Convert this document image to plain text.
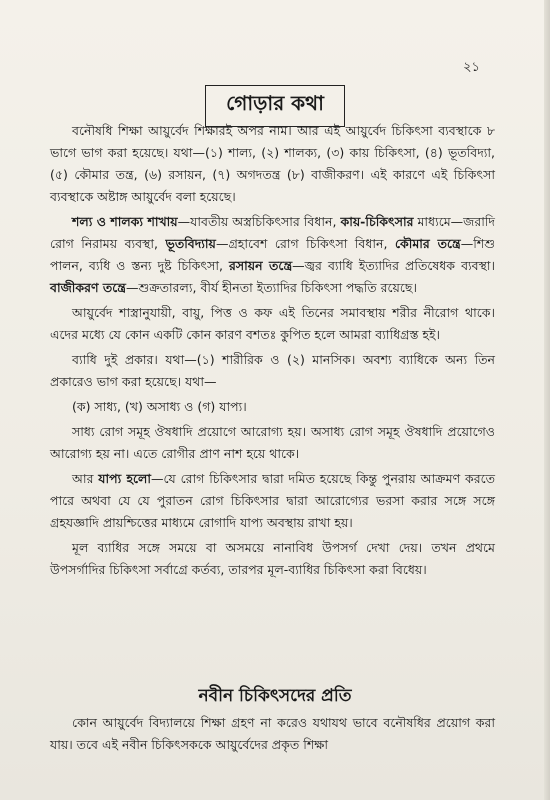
২১
গোড়ার কথা

বনৌষধি শিক্ষা আয়ুর্বেদ শিক্ষারই অপর নাম। আর এই আয়ুর্বেদ চিকিৎসা ব্যবস্থাকে ৮ ভাগে ভাগ করা হয়েছে। যথা—(১) শাল্য, (২) শালক্য, (৩) কায় চিকিৎসা, (৪) ভূতবিদ্যা, (৫) কৌমার তন্ত্র, (৬) রসায়ন, (৭) অগদতন্ত্র (৮) বাজীকরণ। এই কারণে এই চিকিৎসা ব্যবস্থাকে অষ্টাঙ্গ আয়ুর্বেদ বলা হয়েছে।

শল্য ও শালক্য শাখায়—যাবতীয় অস্ত্রচিকিৎসার বিধান, কায়-চিকিৎসার মাধ্যমে—জরাদি রোগ নিরাময় ব্যবস্থা, ভূতবিদ্যায়—গ্রহাবেশ রোগ চিকিৎসা বিধান, কৌমার তন্ত্রে—শিশু পালন, ব্যধি ও স্তন্য দুষ্ট চিকিৎসা, রসায়ন তন্ত্রে—জ্বর ব্যাধি ইত্যাদির প্রতিষেধক ব্যবস্থা। বাজীকরণ তন্ত্রে—শুক্রতারল্য, বীর্য হীনতা ইত্যাদির চিকিৎসা পদ্ধতি রয়েছে।

আয়ুর্বেদ শাস্ত্রানুযায়ী, বায়ু, পিত্ত ও কফ এই তিনের সমাবস্থায় শরীর নীরোগ থাকে। এদের মধ্যে যে কোন একটি কোন কারণ বশতঃ কুপিত হলে আমরা ব্যাধিগ্রস্ত হই।

ব্যাধি দুই প্রকার। যথা—(১) শারীরিক ও (২) মানসিক। অবশ্য ব্যাধিকে অন্য তিন প্রকারেও ভাগ করা হয়েছে। যথা—

(ক) সাধ্য, (খ) অসাধ্য ও (গ) যাপ্য।

সাধ্য রোগ সমূহ ঔষধাদি প্রয়োগে আরোগ্য হয়। অসাধ্য রোগ সমূহ ঔষধাদি প্রয়োগেও আরোগ্য হয় না। এতে রোগীর প্রাণ নাশ হয়ে থাকে।

আর যাপ্য হলো—যে রোগ চিকিৎসার দ্বারা দমিত হয়েছে কিন্তু পুনরায় আক্রমণ করতে পারে অথবা যে যে পুরাতন রোগ চিকিৎসার দ্বারা আরোগ্যের ভরসা করার সঙ্গে সঙ্গে গ্রহযজ্ঞাদি প্রায়শ্চিত্তের মাধ্যমে রোগাদি যাপ্য অবস্থায় রাখা হয়।

মূল ব্যাধির সঙ্গে সময়ে বা অসময়ে নানাবিধ উপসর্গ দেখা দেয়। তখন প্রথমে উপসর্গাদির চিকিৎসা সর্বাগ্রে কর্তব্য, তারপর মূল-ব্যাধির চিকিৎসা করা বিধেয়।

নবীন চিকিৎসদের প্রতি

কোন আয়ুর্বেদ বিদ্যালয়ে শিক্ষা গ্রহণ না করেও যথাযথ ভাবে বনৌষধির প্রয়োগ করা যায়। তবে এই নবীন চিকিৎসককে আয়ুর্বেদের প্রকৃত শিক্ষা
